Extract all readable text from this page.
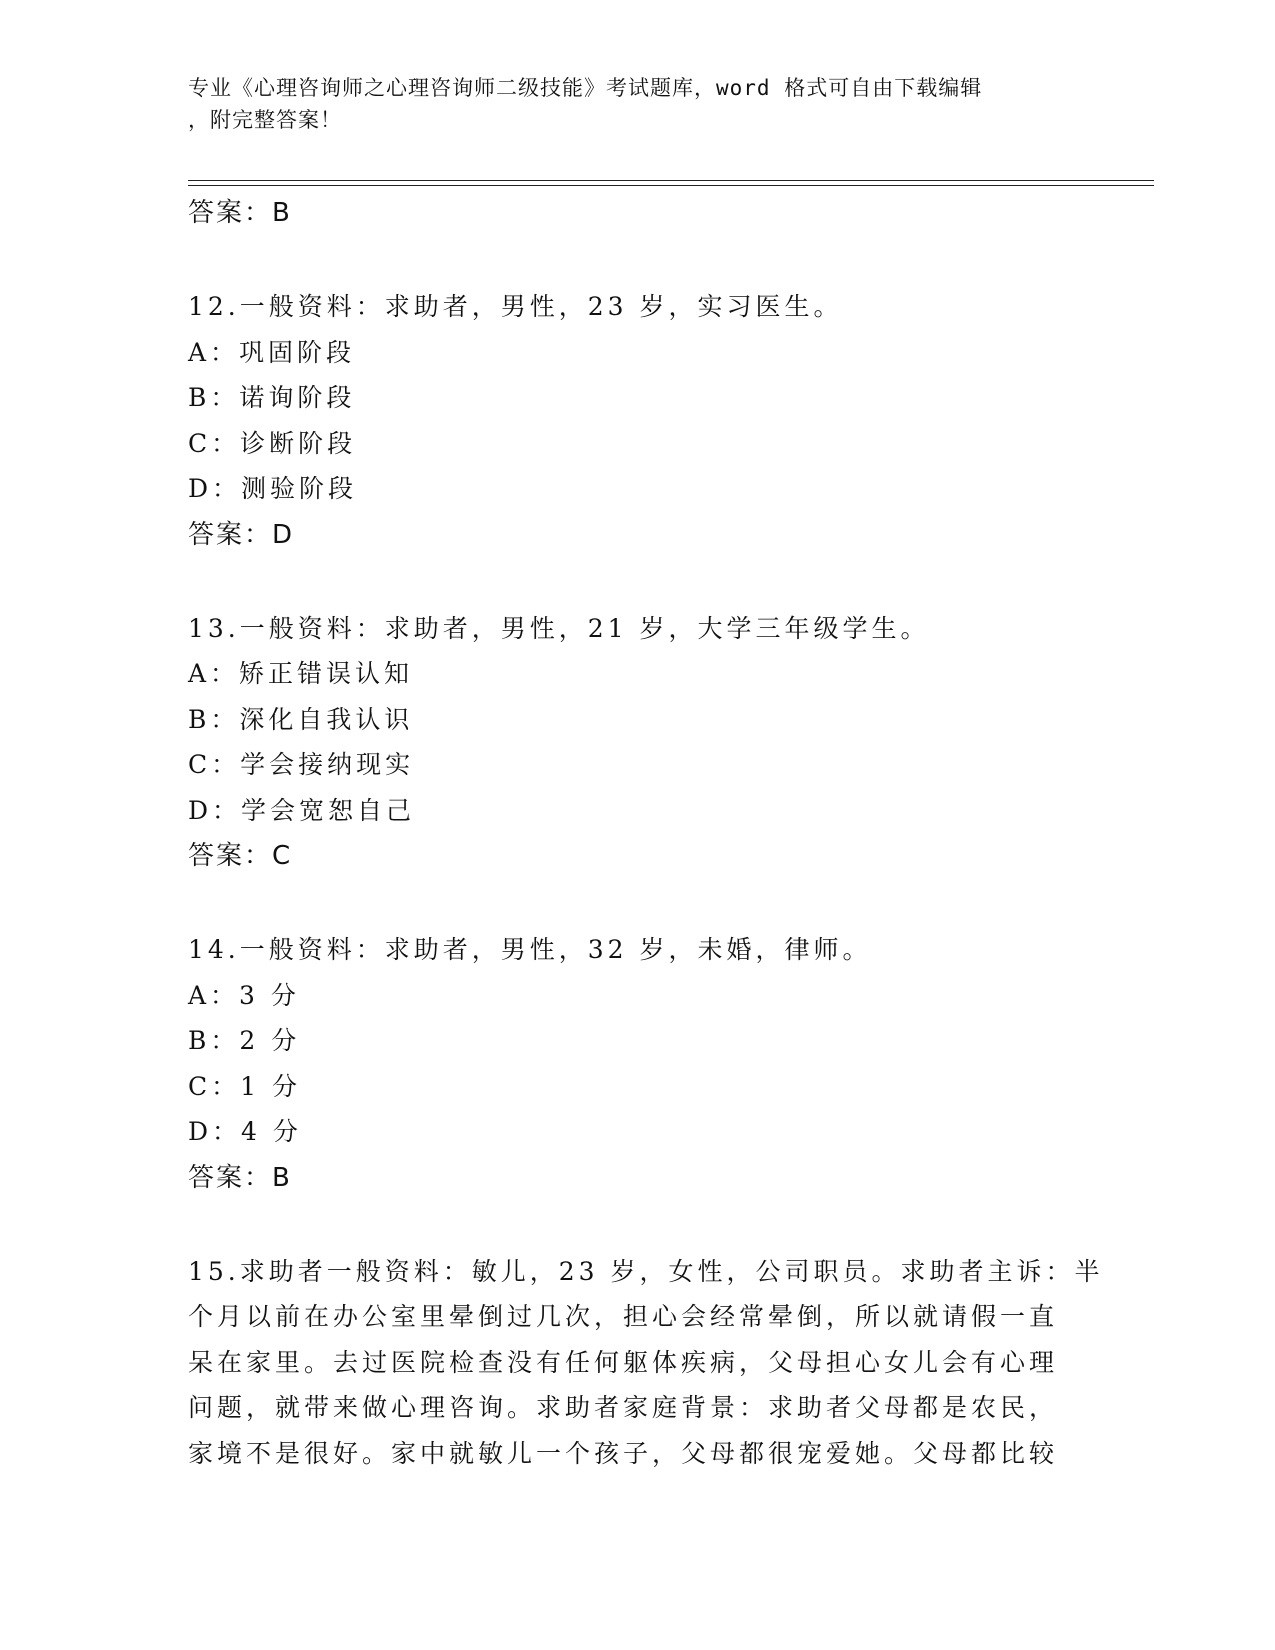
专业《心理咨询师之心理咨询师二级技能》考试题库，word 格式可自由下载编辑
，附完整答案！
答案：B
12.一般资料：求助者，男性，23 岁，实习医生。
A：巩固阶段
B：诺询阶段
C：诊断阶段
D：测验阶段
答案：D
13.一般资料：求助者，男性，21 岁，大学三年级学生。
A：矫正错误认知
B：深化自我认识
C：学会接纳现实
D：学会宽恕自己
答案：C
14.一般资料：求助者，男性，32 岁，未婚，律师。
A：3 分
B：2 分
C：1 分
D：4 分
答案：B
15.求助者一般资料：敏儿，23 岁，女性，公司职员。求助者主诉：半
个月以前在办公室里晕倒过几次，担心会经常晕倒，所以就请假一直
呆在家里。去过医院检查没有任何躯体疾病，父母担心女儿会有心理
问题，就带来做心理咨询。求助者家庭背景：求助者父母都是农民，
家境不是很好。家中就敏儿一个孩子，父母都很宠爱她。父母都比较
